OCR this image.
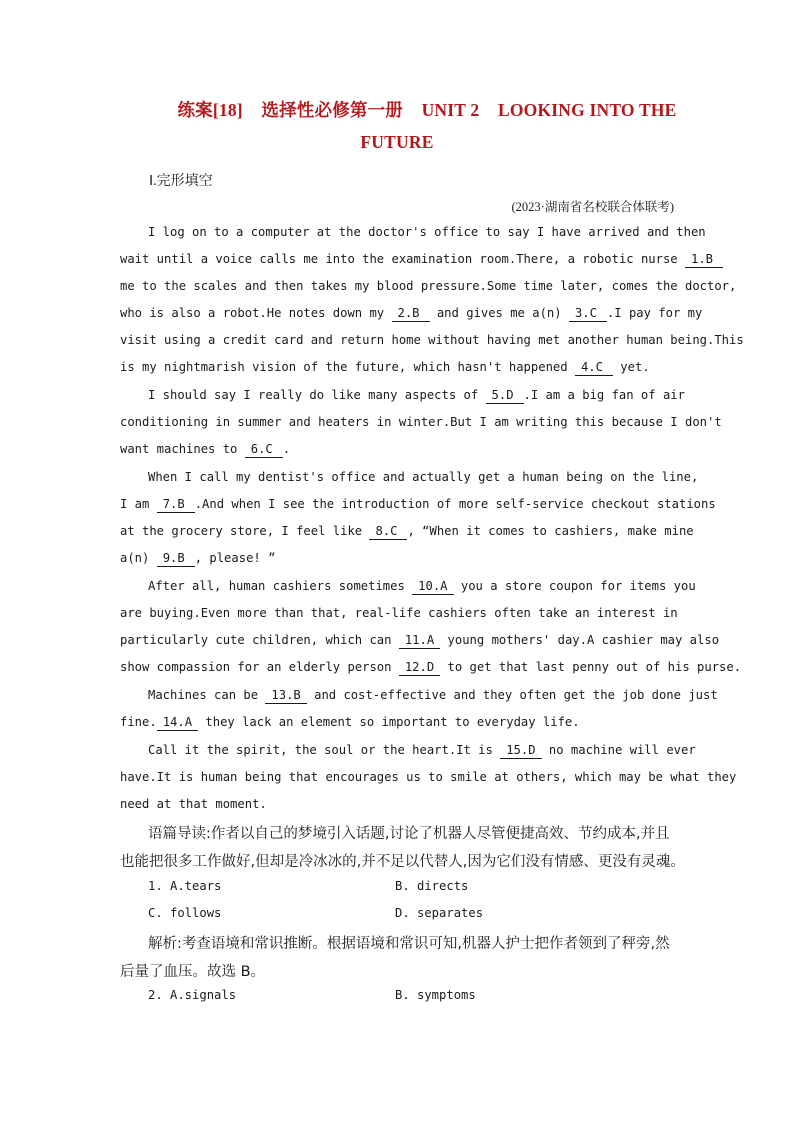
练案[18] 选择性必修第一册 UNIT 2 LOOKING INTO THE
FUTURE
Ⅰ.完形填空
(2023·湖南省名校联合体联考)
I log on to a computer at the doctor's office to say I have arrived and then
wait until a voice calls me into the examination room.There, a robotic nurse 1.B
me to the scales and then takes my blood pressure.Some time later, comes the doctor,
who is also a robot.He notes down my 2.B and gives me a(n) 3.C .I pay for my
visit using a credit card and return home without having met another human being.This
is my nightmarish vision of the future, which hasn't happened 4.C yet.
I should say I really do like many aspects of 5.D .I am a big fan of air
conditioning in summer and heaters in winter.But I am writing this because I don't
want machines to 6.C .
When I call my dentist's office and actually get a human being on the line,
I am 7.B .And when I see the introduction of more self-service checkout stations
at the grocery store, I feel like 8.C , “When it comes to cashiers, make mine
a(n) 9.B , please! ”
After all, human cashiers sometimes 10.A you a store coupon for items you
are buying.Even more than that, real-life cashiers often take an interest in
particularly cute children, which can 11.A young mothers' day.A cashier may also
show compassion for an elderly person 12.D to get that last penny out of his purse.
Machines can be 13.B and cost-effective and they often get the job done just
fine. 14.A they lack an element so important to everyday life.
Call it the spirit, the soul or the heart.It is 15.D no machine will ever
have.It is human being that encourages us to smile at others, which may be what they
need at that moment.
语篇导读:作者以自己的梦境引入话题,讨论了机器人尽管便捷高效、节约成本,并且
也能把很多工作做好,但却是冷冰冰的,并不足以代替人,因为它们没有情感、更没有灵魂。
1. A.tears	B. directs
C. follows	D. separates
解析:考查语境和常识推断。根据语境和常识可知,机器人护士把作者领到了秤旁,然
后量了血压。故选 B。
2. A.signals	B. symptoms
